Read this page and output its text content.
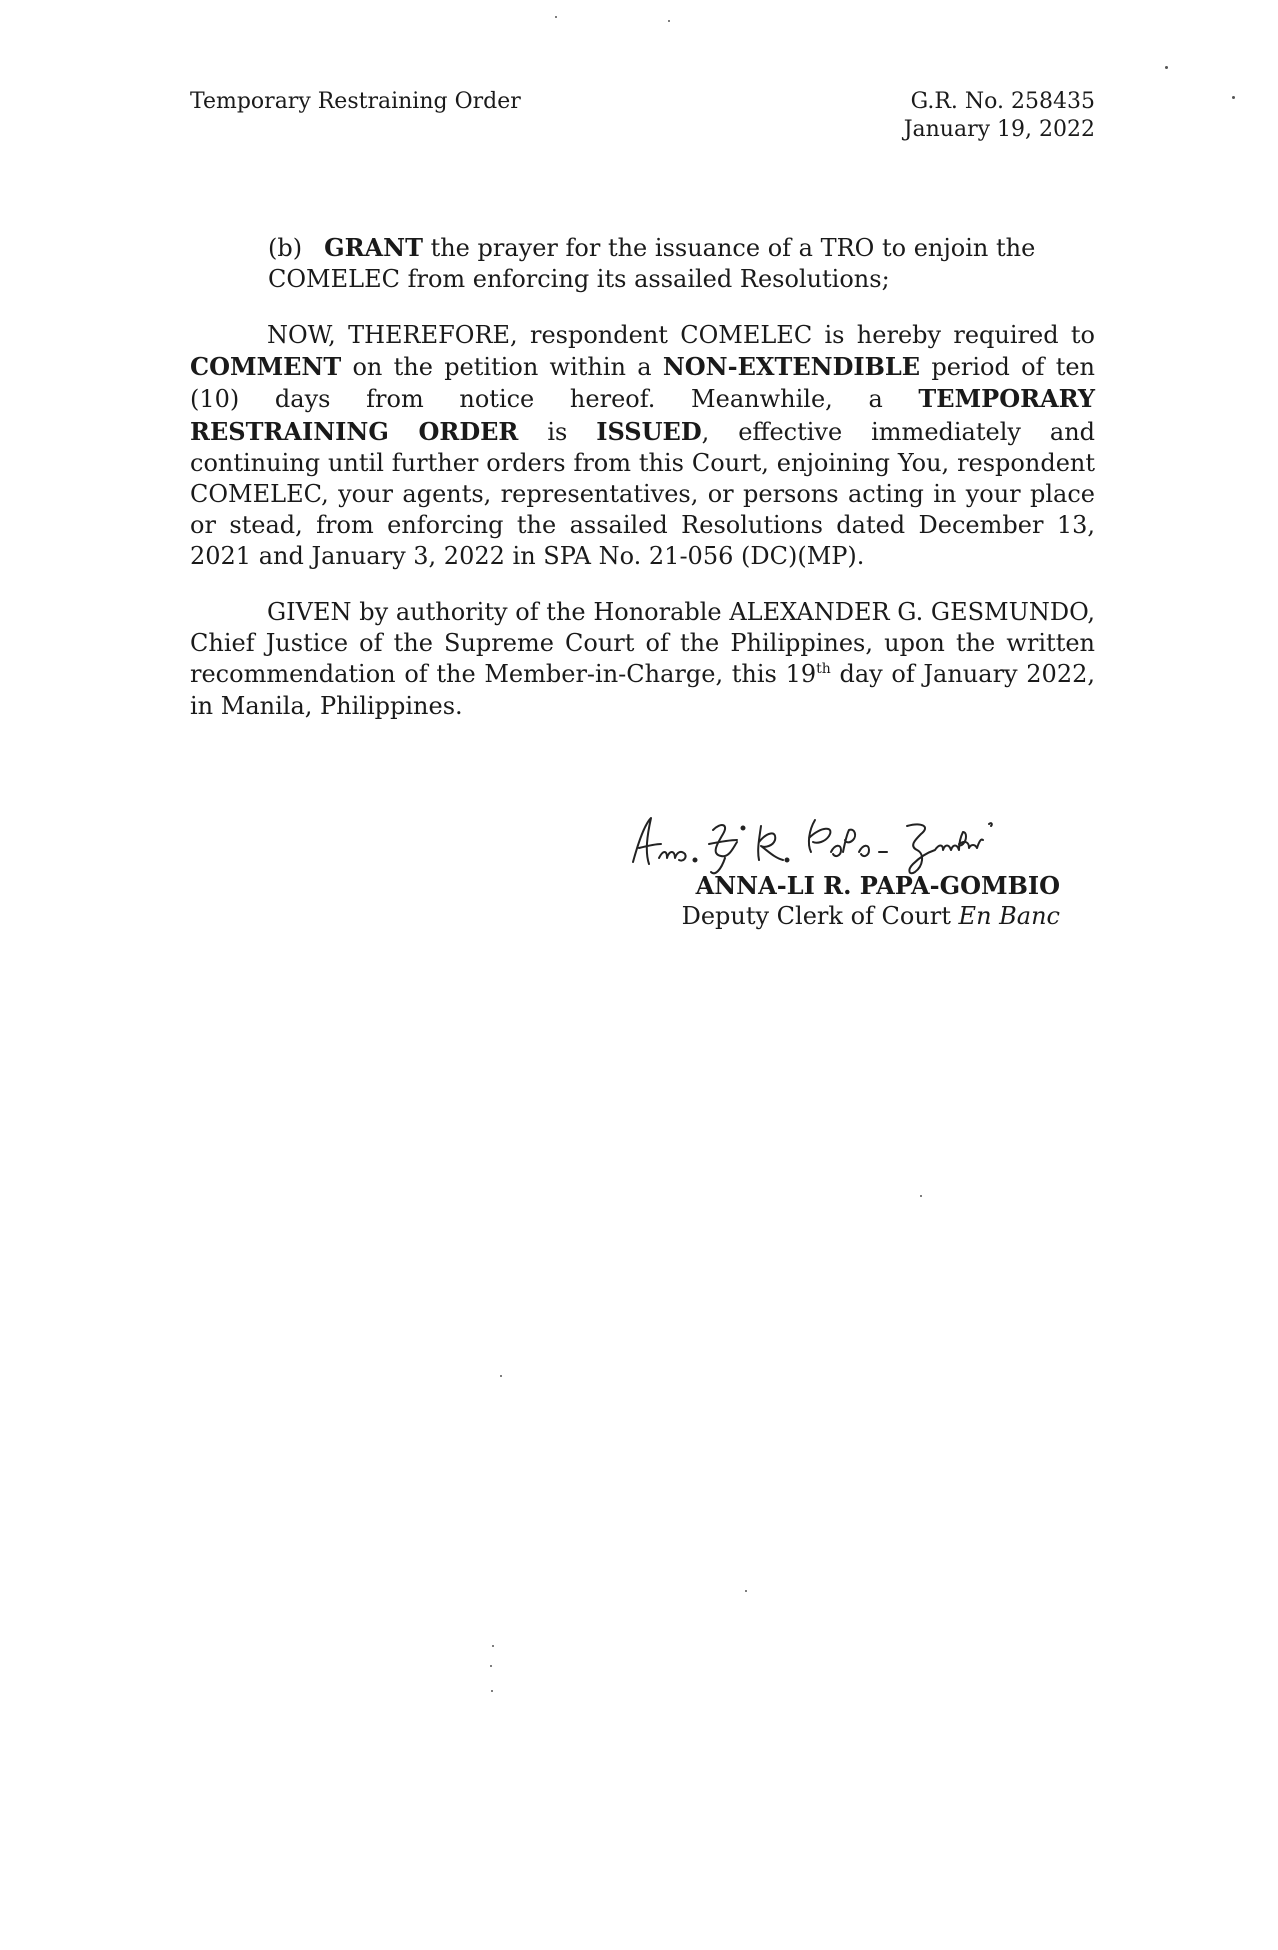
Temporary Restraining Order	G.R. No. 258435
January 19, 2022
(b) GRANT the prayer for the issuance of a TRO to enjoin the COMELEC from enforcing its assailed Resolutions;
NOW, THEREFORE, respondent COMELEC is hereby required to COMMENT on the petition within a NON-EXTENDIBLE period of ten (10) days from notice hereof. Meanwhile, a TEMPORARY RESTRAINING ORDER is ISSUED, effective immediately and continuing until further orders from this Court, enjoining You, respondent COMELEC, your agents, representatives, or persons acting in your place or stead, from enforcing the assailed Resolutions dated December 13, 2021 and January 3, 2022 in SPA No. 21-056 (DC)(MP).
GIVEN by authority of the Honorable ALEXANDER G. GESMUNDO, Chief Justice of the Supreme Court of the Philippines, upon the written recommendation of the Member-in-Charge, this 19th day of January 2022, in Manila, Philippines.
ANNA-LI R. PAPA-GOMBIO
Deputy Clerk of Court En Banc
